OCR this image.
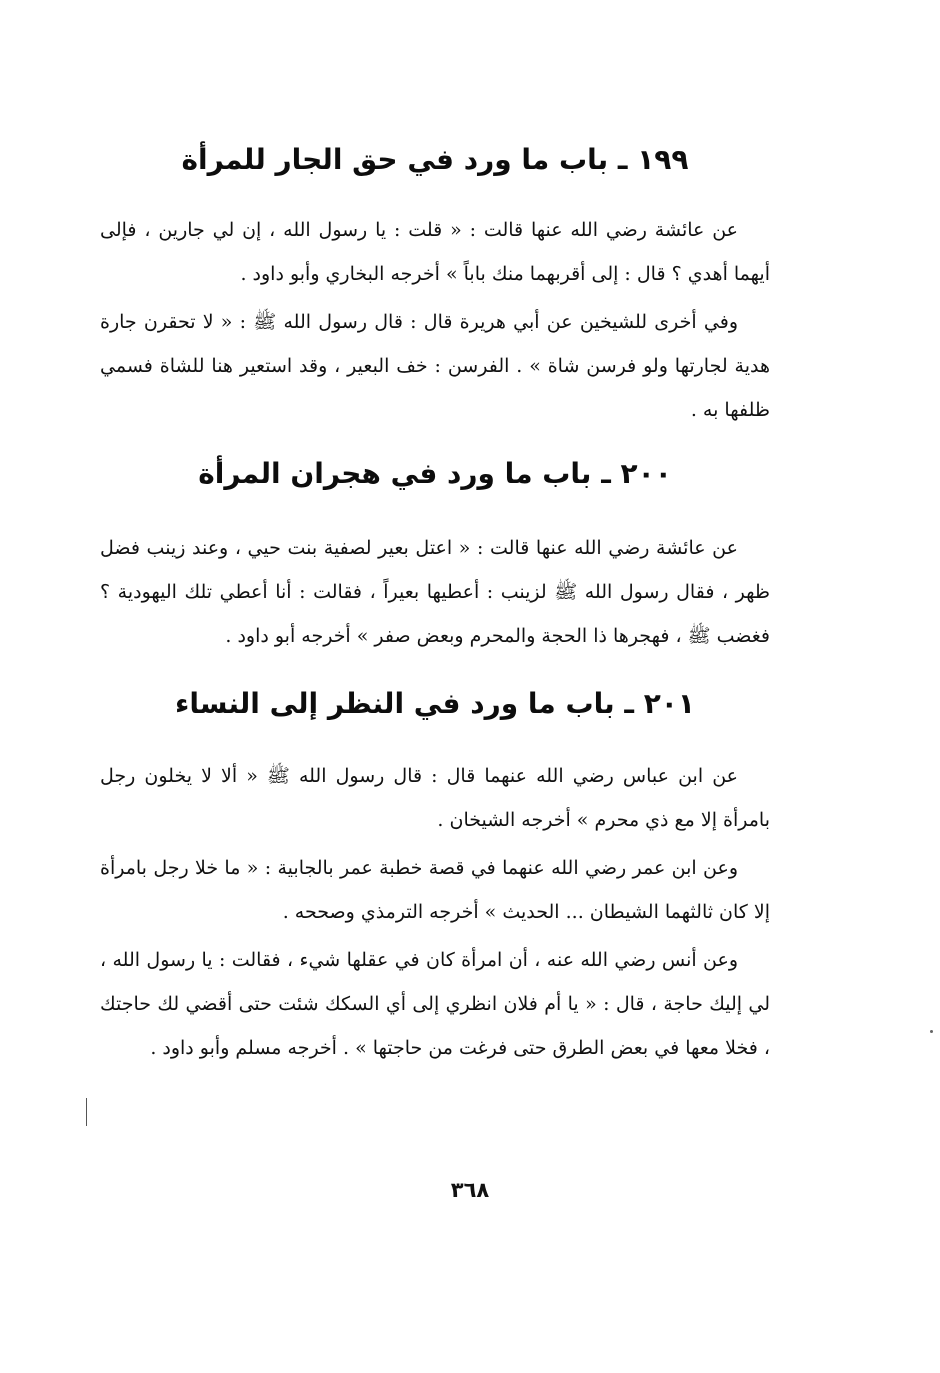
١٩٩ ـ باب ما ورد في حق الجار للمرأة

عن عائشة رضي الله عنها قالت : « قلت : يا رسول الله ، إن لي جارين ، فإلى أيهما أهدي ؟ قال : إلى أقربهما منك باباً » أخرجه البخاري وأبو داود .

وفي أخرى للشيخين عن أبي هريرة قال : قال رسول الله ﷺ : « لا تحقرن جارة هدية لجارتها ولو فرسن شاة » . الفرسن : خف البعير ، وقد استعير هنا للشاة فسمي ظلفها به .

٢٠٠ ـ باب ما ورد في هجران المرأة

عن عائشة رضي الله عنها قالت : « اعتل بعير لصفية بنت حيي ، وعند زينب فضل ظهر ، فقال رسول الله ﷺ لزينب : أعطيها بعيراً ، فقالت : أنا أعطي تلك اليهودية ؟ فغضب ﷺ ، فهجرها ذا الحجة والمحرم وبعض صفر » أخرجه أبو داود .

٢٠١ ـ باب ما ورد في النظر إلى النساء

عن ابن عباس رضي الله عنهما قال : قال رسول الله ﷺ « ألا لا يخلون رجل بامرأة إلا مع ذي محرم » أخرجه الشيخان .

وعن ابن عمر رضي الله عنهما في قصة خطبة عمر بالجابية : « ما خلا رجل بامرأة إلا كان ثالثهما الشيطان ... الحديث » أخرجه الترمذي وصححه .

وعن أنس رضي الله عنه ، أن امرأة كان في عقلها شيء ، فقالت : يا رسول الله ، لي إليك حاجة ، قال : « يا أم فلان انظري إلى أي السكك شئت حتى أقضي لك حاجتك ، فخلا معها في بعض الطرق حتى فرغت من حاجتها » . أخرجه مسلم وأبو داود .

٣٦٨
